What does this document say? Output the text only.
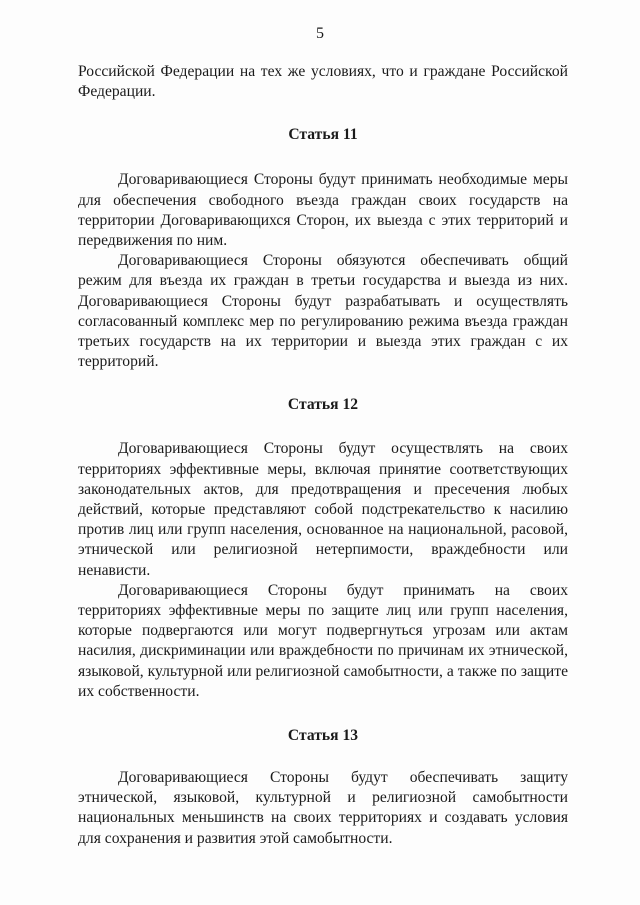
5

Российской Федерации на тех же условиях, что и граждане Российской Федерации.

Статья 11

Договаривающиеся Стороны будут принимать необходимые меры для обеспечения свободного въезда граждан своих государств на территории Договаривающихся Сторон, их выезда с этих территорий и передвижения по ним.

Договаривающиеся Стороны обязуются обеспечивать общий режим для въезда их граждан в третьи государства и выезда из них. Договаривающиеся Стороны будут разрабатывать и осуществлять согласованный комплекс мер по регулированию режима въезда граждан третьих государств на их территории и выезда этих граждан с их территорий.

Статья 12

Договаривающиеся Стороны будут осуществлять на своих территориях эффективные меры, включая принятие соответствующих законодательных актов, для предотвращения и пресечения любых действий, которые представляют собой подстрекательство к насилию против лиц или групп населения, основанное на национальной, расовой, этнической или религиозной нетерпимости, враждебности или ненависти.

Договаривающиеся Стороны будут принимать на своих территориях эффективные меры по защите лиц или групп населения, которые подвергаются или могут подвергнуться угрозам или актам насилия, дискриминации или враждебности по причинам их этнической, языковой, культурной или религиозной самобытности, а также по защите их собственности.

Статья 13

Договаривающиеся Стороны будут обеспечивать защиту этнической, языковой, культурной и религиозной самобытности национальных меньшинств на своих территориях и создавать условия для сохранения и развития этой самобытности.
